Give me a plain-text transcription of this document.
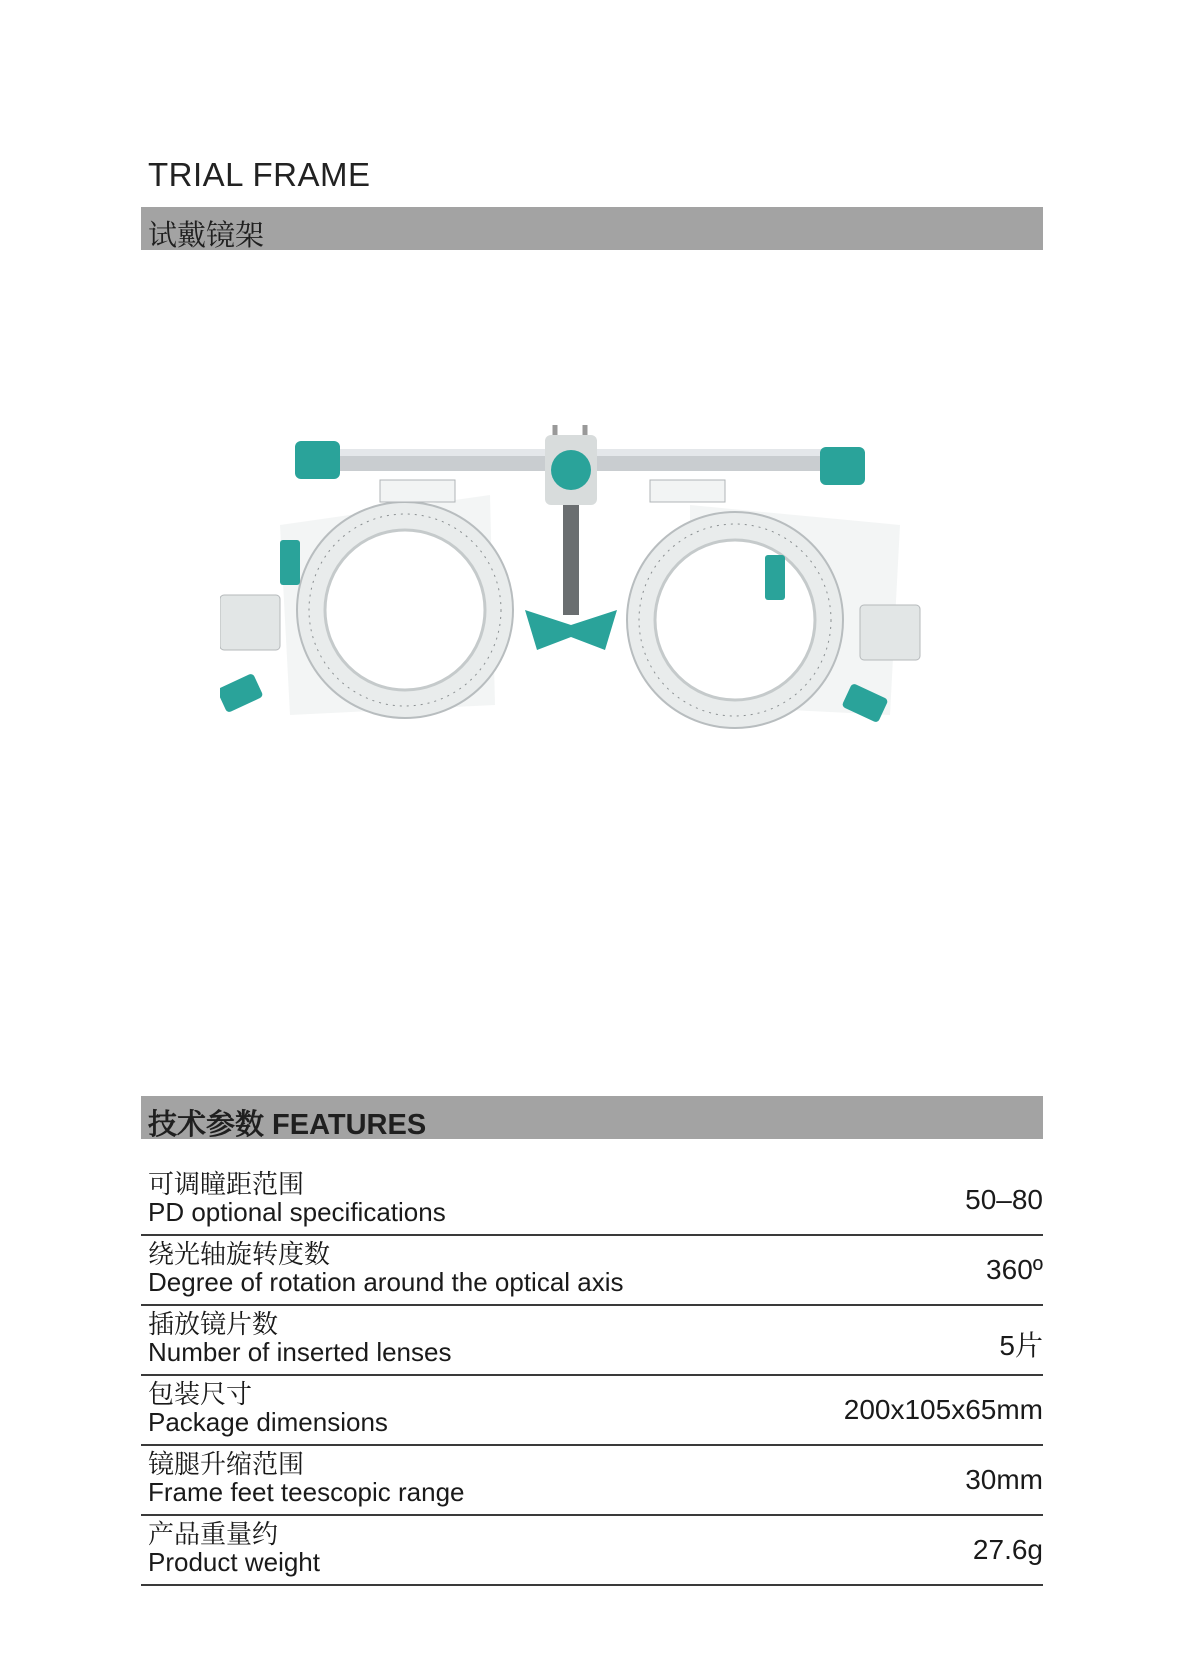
TRIAL FRAME
试戴镜架
技术参数 FEATURES
可调瞳距范围
PD optional specifications	50–80
绕光轴旋转度数
Degree of rotation around the optical axis	360º
插放镜片数
Number of inserted lenses	5片
包装尺寸
Package dimensions	200x105x65mm
镜腿升缩范围
Frame feet teescopic range	30mm
产品重量约
Product weight	27.6g
